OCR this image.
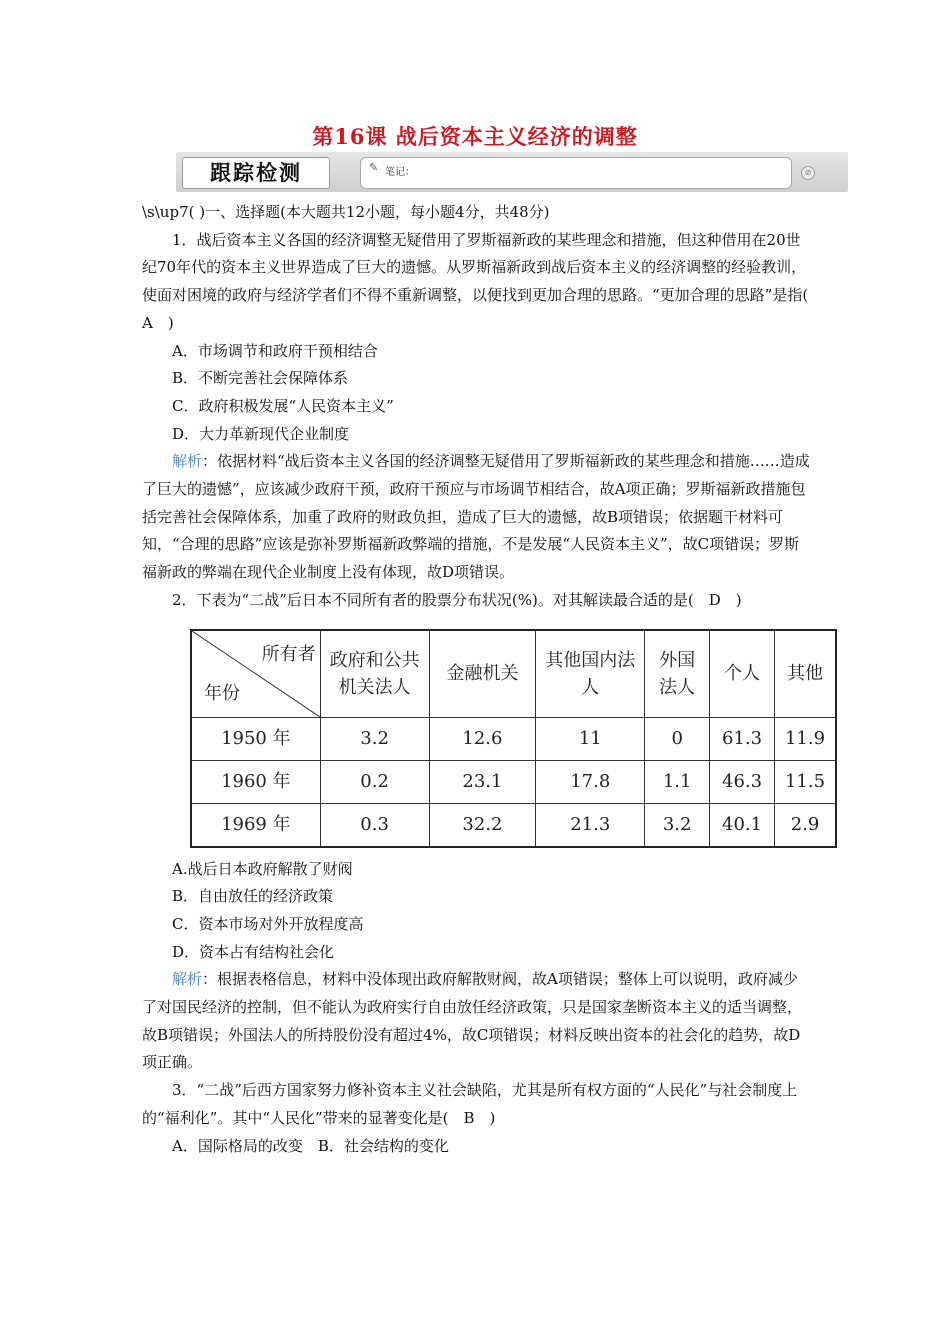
第16课 战后资本主义经济的调整
跟踪检测	✎ 笔记：	⊘

\s\up7( )一、选择题(本大题共12小题，每小题4分，共48分)

1．战后资本主义各国的经济调整无疑借用了罗斯福新政的某些理念和措施，但这种借用在20世纪70年代的资本主义世界造成了巨大的遗憾。从罗斯福新政到战后资本主义的经济调整的经验教训，使面对困境的政府与经济学者们不得不重新调整，以便找到更加合理的思路。“更加合理的思路”是指(　A　)

A．市场调节和政府干预相结合

B．不断完善社会保障体系

C．政府积极发展“人民资本主义”

D．大力革新现代企业制度

解析：依据材料“战后资本主义各国的经济调整无疑借用了罗斯福新政的某些理念和措施……造成了巨大的遗憾”，应该减少政府干预，政府干预应与市场调节相结合，故A项正确；罗斯福新政措施包括完善社会保障体系，加重了政府的财政负担，造成了巨大的遗憾，故B项错误；依据题干材料可知，“合理的思路”应该是弥补罗斯福新政弊端的措施，不是发展“人民资本主义”，故C项错误；罗斯福新政的弊端在现代企业制度上没有体现，故D项错误。

2．下表为“二战”后日本不同所有者的股票分布状况(%)。对其解读最合适的是(　D　)

所有者
年份	政府和公共机关法人	金融机关	其他国内法人	外国法人	个人	其他
1950 年	3.2	12.6	11	0	61.3	11.9
1960 年	0.2	23.1	17.8	1.1	46.3	11.5
1969 年	0.3	32.2	21.3	3.2	40.1	2.9

A.战后日本政府解散了财阀

B．自由放任的经济政策

C．资本市场对外开放程度高

D．资本占有结构社会化

解析：根据表格信息，材料中没体现出政府解散财阀，故A项错误；整体上可以说明，政府减少了对国民经济的控制，但不能认为政府实行自由放任经济政策，只是国家垄断资本主义的适当调整，故B项错误；外国法人的所持股份没有超过4%，故C项错误；材料反映出资本的社会化的趋势，故D项正确。

3．“二战”后西方国家努力修补资本主义社会缺陷，尤其是所有权方面的“人民化”与社会制度上的“福利化”。其中“人民化”带来的显著变化是(　B　)

A．国际格局的改变　B．社会结构的变化
